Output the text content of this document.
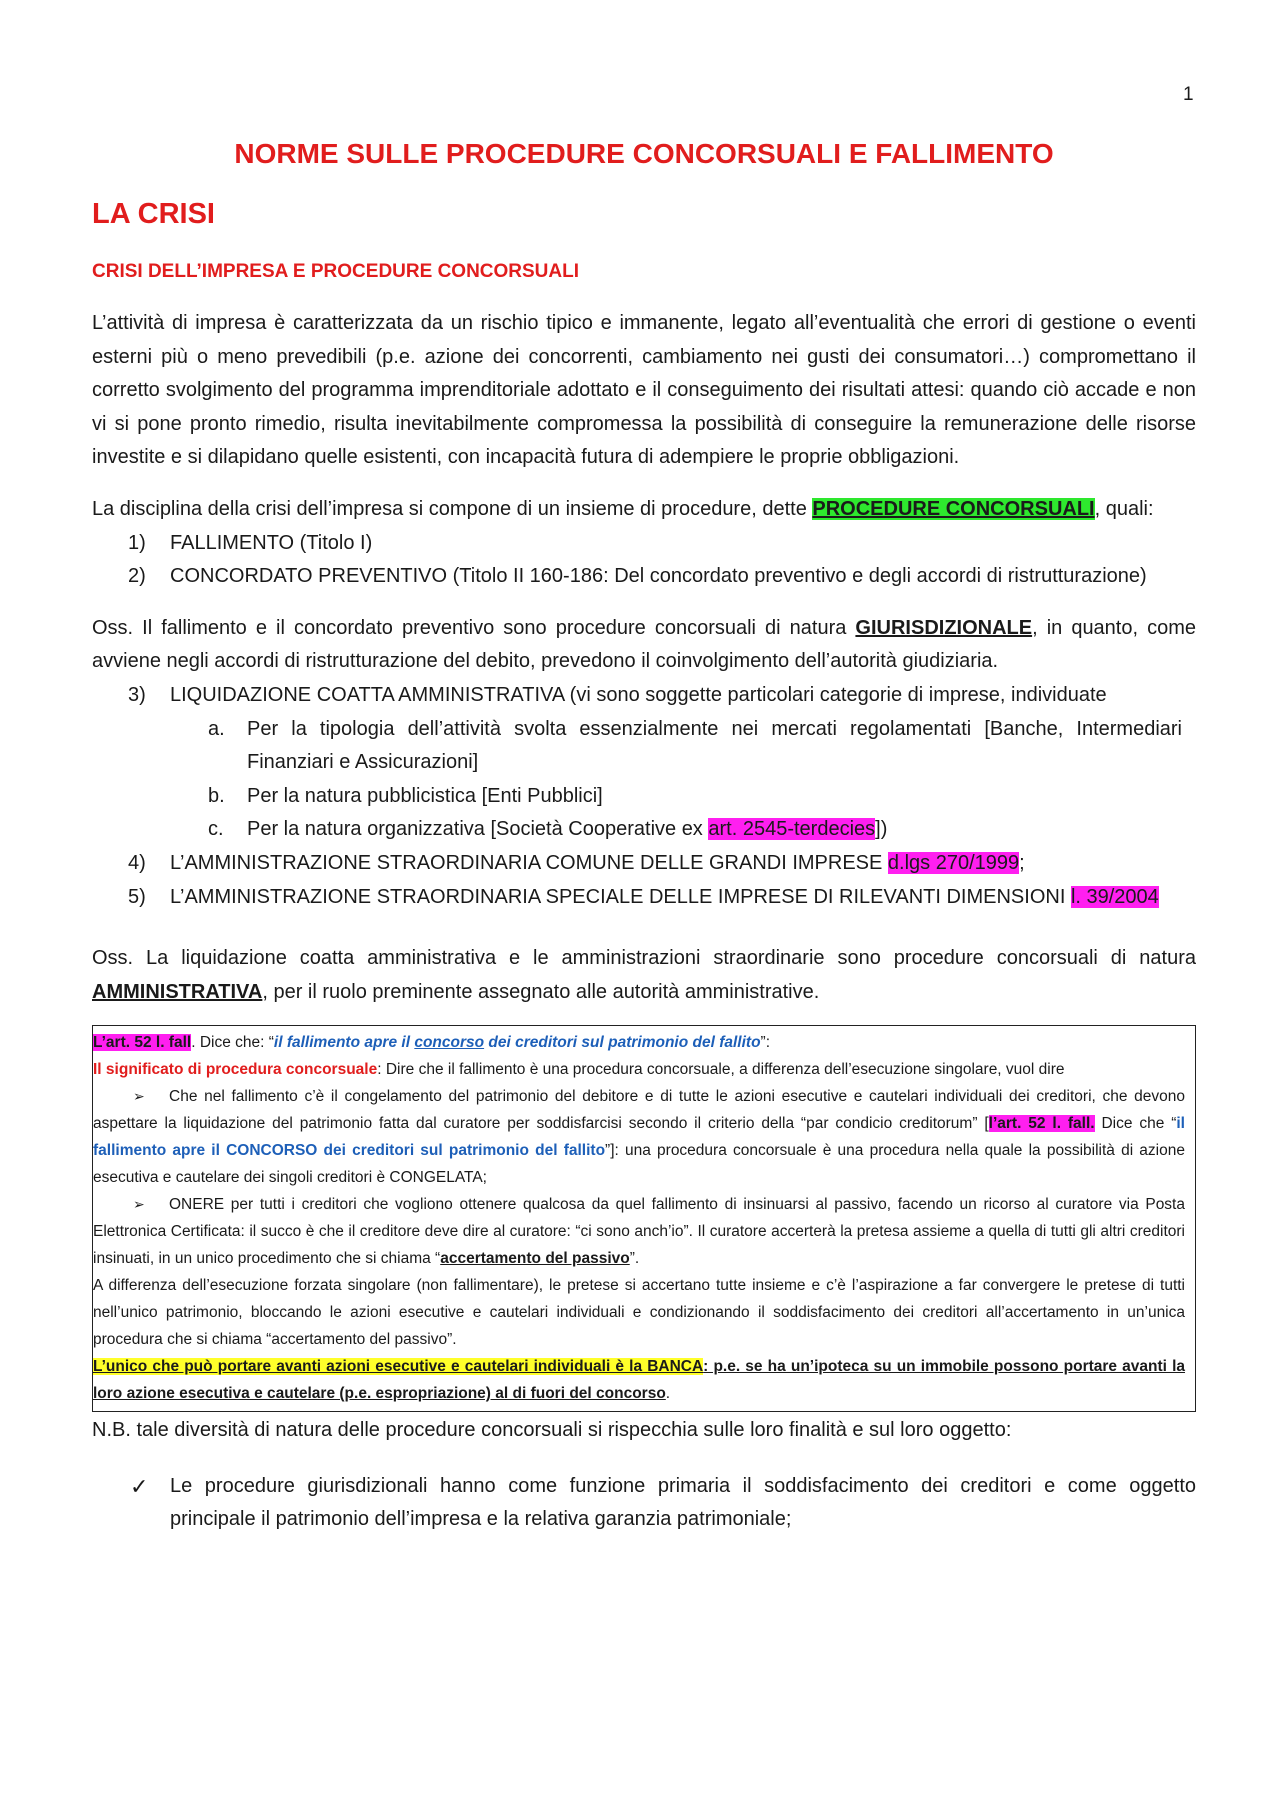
1
NORME SULLE PROCEDURE CONCORSUALI E FALLIMENTO
LA CRISI
CRISI DELL’IMPRESA E PROCEDURE CONCORSUALI

L’attività di impresa è caratterizzata da un rischio tipico e immanente, legato all’eventualità che errori di gestione o eventi esterni più o meno prevedibili (p.e. azione dei concorrenti, cambiamento nei gusti dei consumatori…) compromettano il corretto svolgimento del programma imprenditoriale adottato e il conseguimento dei risultati attesi: quando ciò accade e non vi si pone pronto rimedio, risulta inevitabilmente compromessa la possibilità di conseguire la remunerazione delle risorse investite e si dilapidano quelle esistenti, con incapacità futura di adempiere le proprie obbligazioni.

La disciplina della crisi dell’impresa si compone di un insieme di procedure, dette PROCEDURE CONCORSUALI, quali:

1) FALLIMENTO (Titolo I)
2) CONCORDATO PREVENTIVO (Titolo II 160-186: Del concordato preventivo e degli accordi di ristrutturazione)

Oss. Il fallimento e il concordato preventivo sono procedure concorsuali di natura GIURISDIZIONALE, in quanto, come avviene negli accordi di ristrutturazione del debito, prevedono il coinvolgimento dell’autorità giudiziaria.

3) LIQUIDAZIONE COATTA AMMINISTRATIVA (vi sono soggette particolari categorie di imprese, individuate
a. Per la tipologia dell’attività svolta essenzialmente nei mercati regolamentati [Banche, Intermediari Finanziari e Assicurazioni]
b. Per la natura pubblicistica [Enti Pubblici]
c. Per la natura organizzativa [Società Cooperative ex art. 2545-terdecies])
4) L’AMMINISTRAZIONE STRAORDINARIA COMUNE DELLE GRANDI IMPRESE d.lgs 270/1999;
5) L’AMMINISTRAZIONE STRAORDINARIA SPECIALE DELLE IMPRESE DI RILEVANTI DIMENSIONI l. 39/2004

Oss. La liquidazione coatta amministrativa e le amministrazioni straordinarie sono procedure concorsuali di natura AMMINISTRATIVA, per il ruolo preminente assegnato alle autorità amministrative.

L’art. 52 l. fall. Dice che: “il fallimento apre il concorso dei creditori sul patrimonio del fallito”:

Il significato di procedura concorsuale: Dire che il fallimento è una procedura concorsuale, a differenza dell’esecuzione singolare, vuol dire

➢ Che nel fallimento c’è il congelamento del patrimonio del debitore e di tutte le azioni esecutive e cautelari individuali dei creditori, che devono aspettare la liquidazione del patrimonio fatta dal curatore per soddisfarcisi secondo il criterio della “par condicio creditorum” [l’art. 52 l. fall. Dice che “il fallimento apre il CONCORSO dei creditori sul patrimonio del fallito”]: una procedura concorsuale è una procedura nella quale la possibilità di azione esecutiva e cautelare dei singoli creditori è CONGELATA;

➢ ONERE per tutti i creditori che vogliono ottenere qualcosa da quel fallimento di insinuarsi al passivo, facendo un ricorso al curatore via Posta Elettronica Certificata: il succo è che il creditore deve dire al curatore: “ci sono anch’io”. Il curatore accerterà la pretesa assieme a quella di tutti gli altri creditori insinuati, in un unico procedimento che si chiama “accertamento del passivo”.

A differenza dell’esecuzione forzata singolare (non fallimentare), le pretese si accertano tutte insieme e c’è l’aspirazione a far convergere le pretese di tutti nell’unico patrimonio, bloccando le azioni esecutive e cautelari individuali e condizionando il soddisfacimento dei creditori all’accertamento in un’unica procedura che si chiama “accertamento del passivo”.

L’unico che può portare avanti azioni esecutive e cautelari individuali è la BANCA: p.e. se ha un’ipoteca su un immobile possono portare avanti la loro azione esecutiva e cautelare (p.e. espropriazione) al di fuori del concorso.

N.B. tale diversità di natura delle procedure concorsuali si rispecchia sulle loro finalità e sul loro oggetto:

✓ Le procedure giurisdizionali hanno come funzione primaria il soddisfacimento dei creditori e come oggetto principale il patrimonio dell’impresa e la relativa garanzia patrimoniale;
